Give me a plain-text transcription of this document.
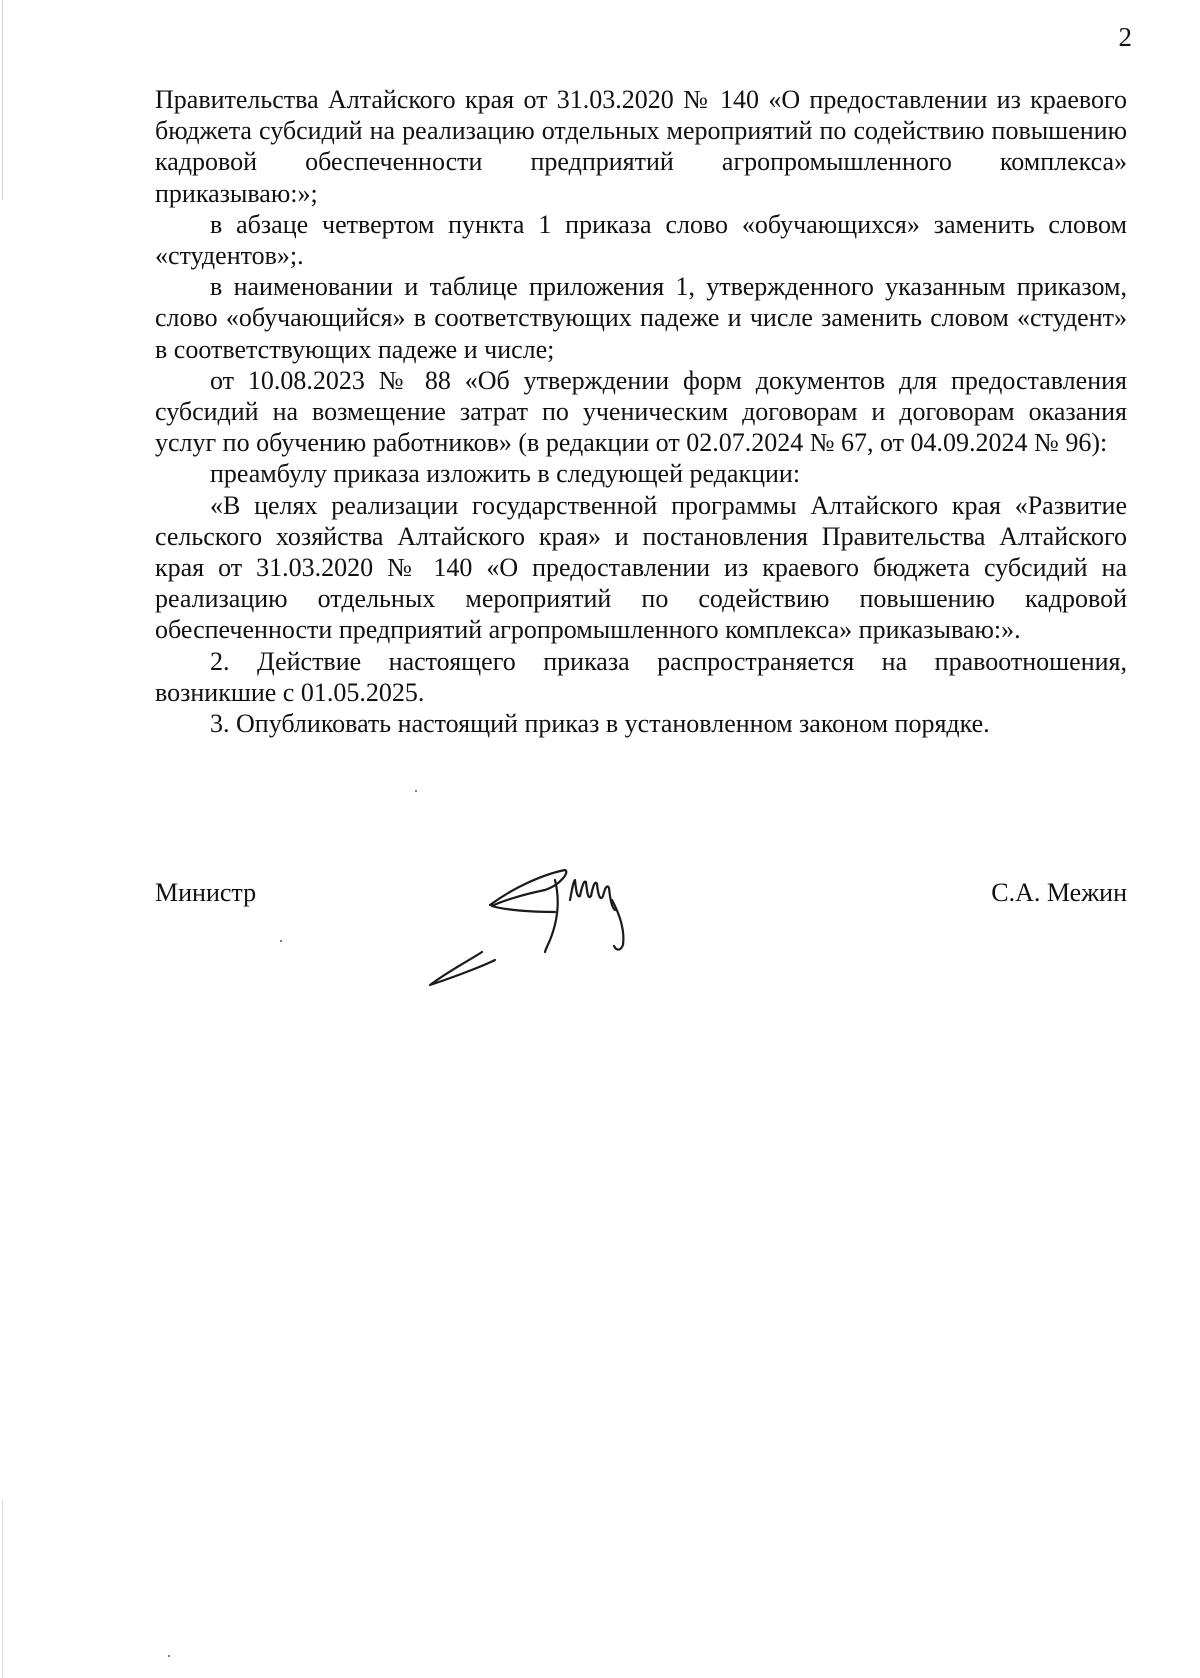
2

Правительства Алтайского края от 31.03.2020 № 140 «О предоставлении из краевого бюджета субсидий на реализацию отдельных мероприятий по содействию повышению кадровой обеспеченности предприятий агропромышленного комплекса» приказываю:»;

в абзаце четвертом пункта 1 приказа слово «обучающихся» заменить словом «студентов»;.

в наименовании и таблице приложения 1, утвержденного указанным приказом, слово «обучающийся» в соответствующих падеже и числе заменить словом «студент» в соответствующих падеже и числе;

от 10.08.2023 № 88 «Об утверждении форм документов для предоставления субсидий на возмещение затрат по ученическим договорам и договорам оказания услуг по обучению работников» (в редакции от 02.07.2024 № 67, от 04.09.2024 № 96):

преамбулу приказа изложить в следующей редакции:

«В целях реализации государственной программы Алтайского края «Развитие сельского хозяйства Алтайского края» и постановления Правительства Алтайского края от 31.03.2020 № 140 «О предоставлении из краевого бюджета субсидий на реализацию отдельных мероприятий по содействию повышению кадровой обеспеченности предприятий агропромышленного комплекса» приказываю:».

2. Действие настоящего приказа распространяется на правоотношения, возникшие с 01.05.2025.

3. Опубликовать настоящий приказ в установленном законом порядке.

Министр	С.А. Межин
